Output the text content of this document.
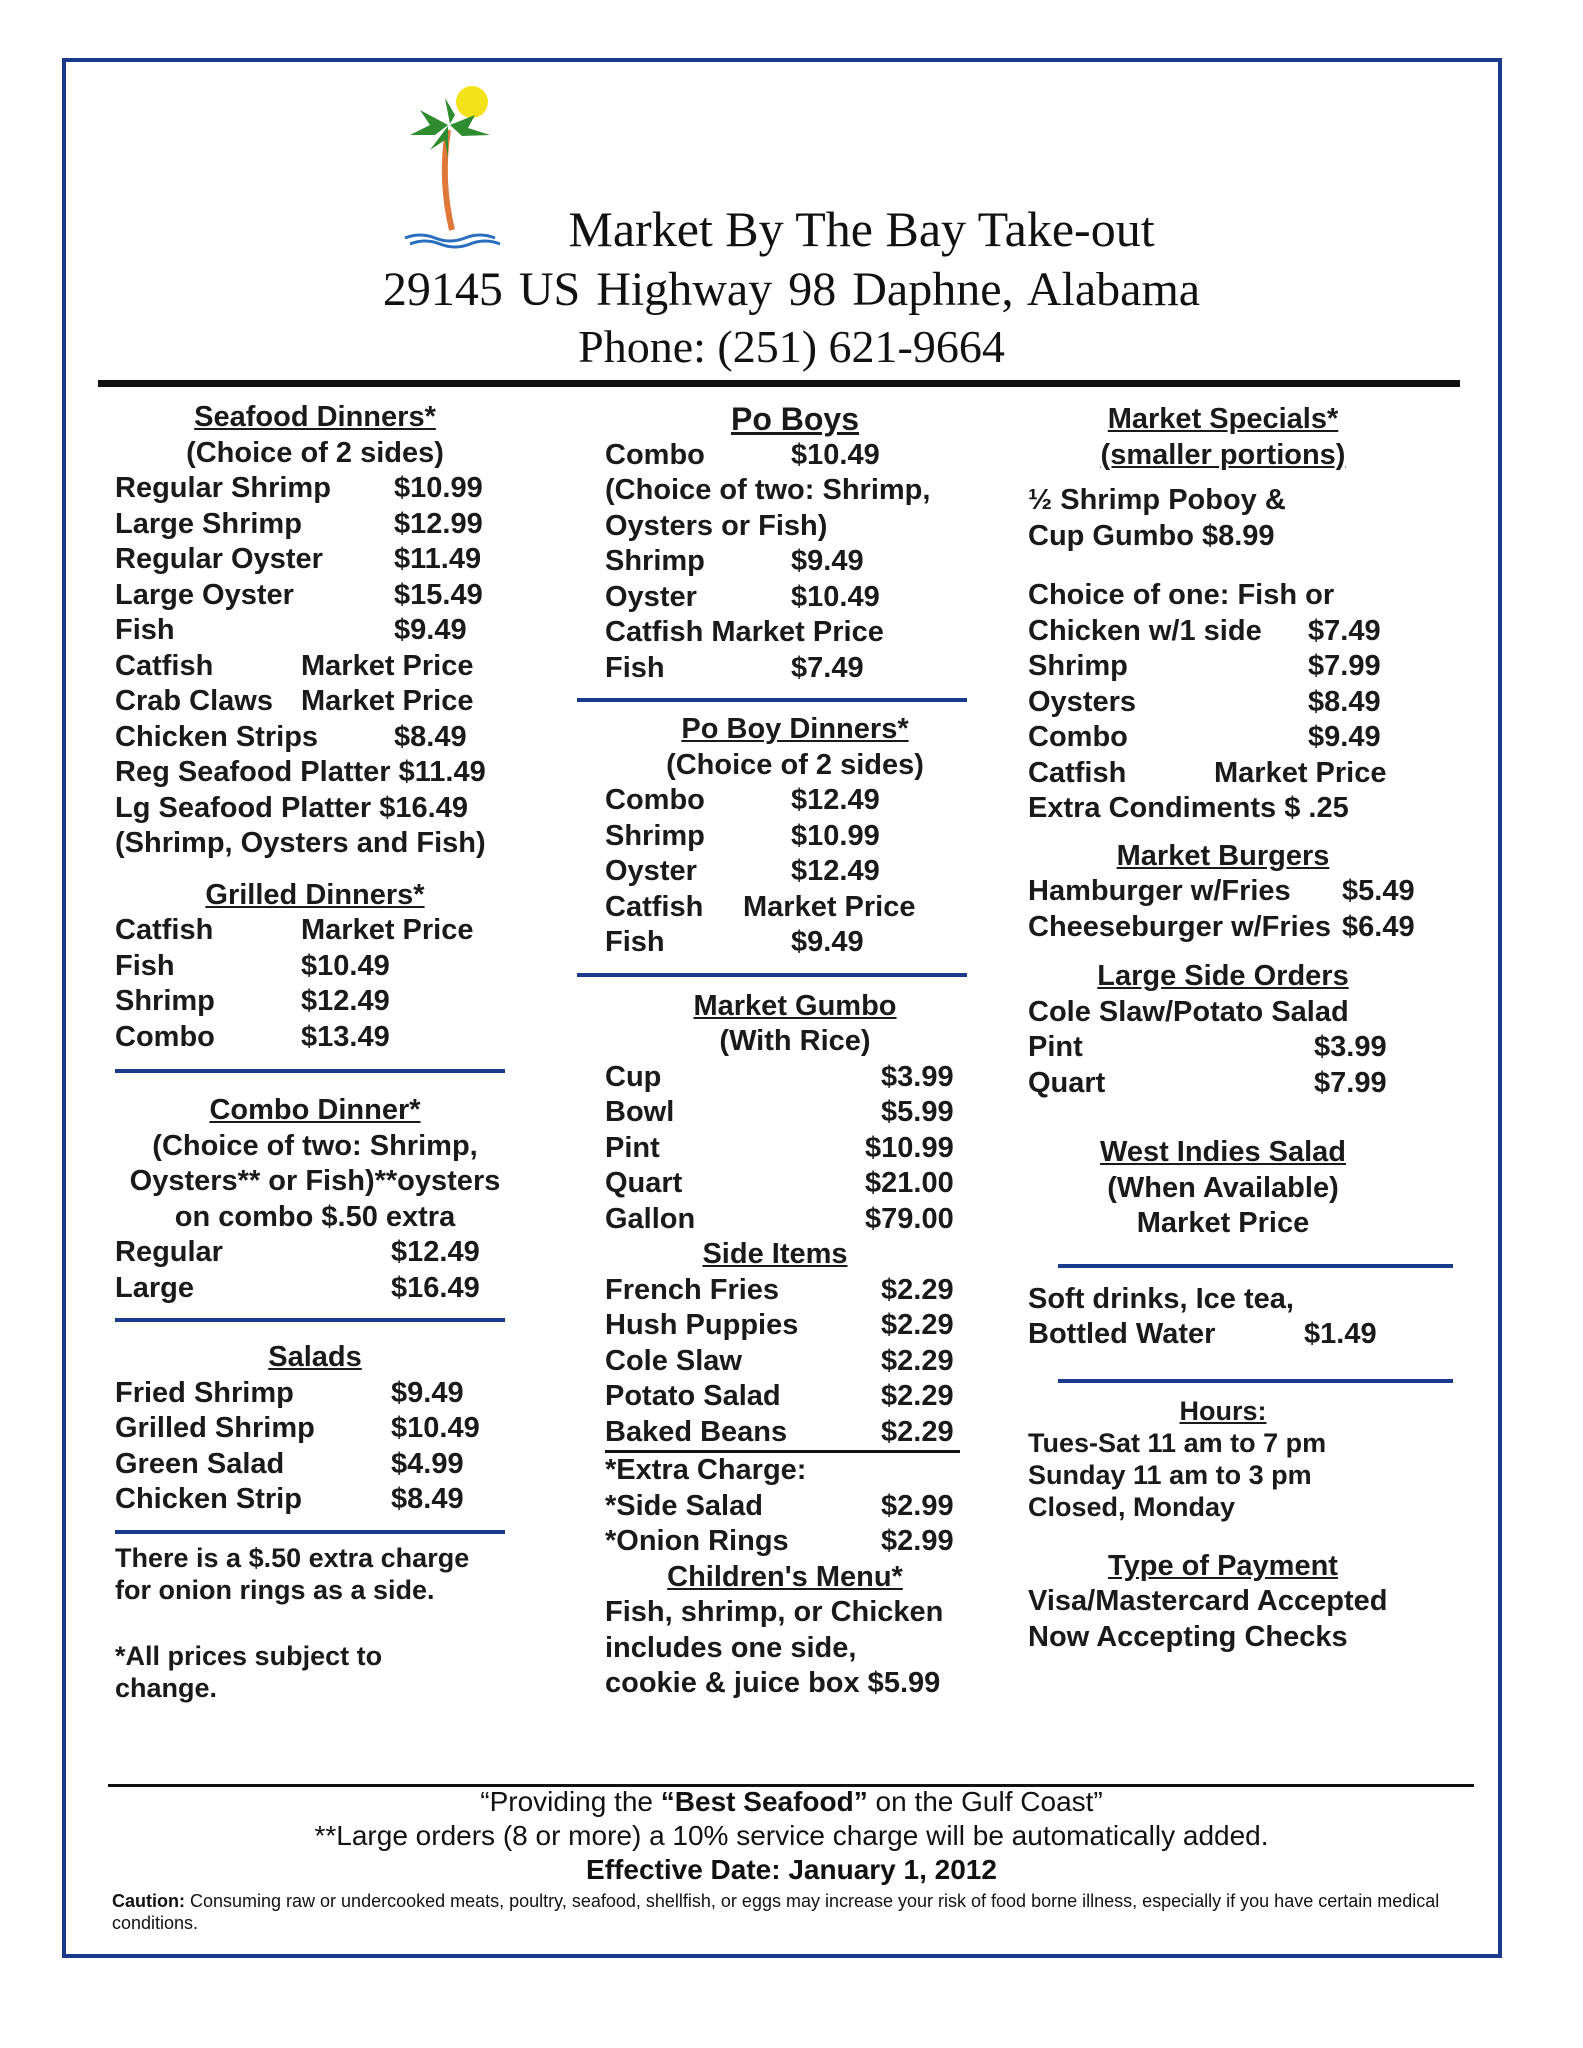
Market By The Bay Take-out
29145 US Highway 98 Daphne, Alabama
Phone: (251) 621-9664
Seafood Dinners*
(Choice of 2 sides)
Regular Shrimp $10.99
Large Shrimp	$12.99
Regular Oyster $11.49
Large Oyster	$15.49
Fish	$9.49
Catfish	Market Price
Crab Claws Market Price
Chicken Strips	$8.49
Reg Seafood Platter $11.49
Lg Seafood Platter $16.49
(Shrimp, Oysters and Fish)
Grilled Dinners*
Catfish	Market Price
Fish	$10.49
Shrimp	$12.49
Combo	$13.49
Combo Dinner*
(Choice of two: Shrimp,
Oysters** or Fish)**oysters
on combo $.50 extra
Regular	$12.49
Large	$16.49
Salads
Fried Shrimp	$9.49
Grilled Shrimp	$10.49
Green Salad	$4.99
Chicken Strip	$8.49
There is a $.50 extra charge
for onion rings as a side.
*All prices subject to
change.
Po Boys
Combo	$10.49
(Choice of two: Shrimp,
Oysters or Fish)
Shrimp	$9.49
Oyster	$10.49
Catfish Market Price
Fish	$7.49
Po Boy Dinners*
(Choice of 2 sides)
Combo	$12.49
Shrimp	$10.99
Oyster	$12.49
Catfish Market Price
Fish	$9.49
Market Gumbo
(With Rice)
Cup	$3.99
Bowl	$5.99
Pint	$10.99
Quart	$21.00
Gallon	$79.00
Side Items
French Fries	$2.29
Hush Puppies	$2.29
Cole Slaw	$2.29
Potato Salad	$2.29
Baked Beans	$2.29
*Extra Charge:
*Side Salad	$2.99
*Onion Rings	$2.99
Children's Menu*
Fish, shrimp, or Chicken
includes one side,
cookie & juice box $5.99
Market Specials*
(smaller portions)
½ Shrimp Poboy &
Cup Gumbo $8.99
Choice of one: Fish or
Chicken w/1 side $7.49
Shrimp	$7.99
Oysters	$8.49
Combo	$9.49
Catfish	Market Price
Extra Condiments $ .25
Market Burgers
Hamburger w/Fries $5.49
Cheeseburger w/Fries $6.49
Large Side Orders
Cole Slaw/Potato Salad
Pint	$3.99
Quart	$7.99
West Indies Salad
(When Available)
Market Price
Soft drinks, Ice tea,
Bottled Water	$1.49
Hours:
Tues-Sat 11 am to 7 pm
Sunday 11 am to 3 pm
Closed, Monday
Type of Payment
Visa/Mastercard Accepted
Now Accepting Checks
“Providing the “Best Seafood” on the Gulf Coast”
**Large orders (8 or more) a 10% service charge will be automatically added.
Effective Date: January 1, 2012
Caution: Consuming raw or undercooked meats, poultry, seafood, shellfish, or eggs may increase your risk of food borne illness, especially if you have certain medical conditions.
